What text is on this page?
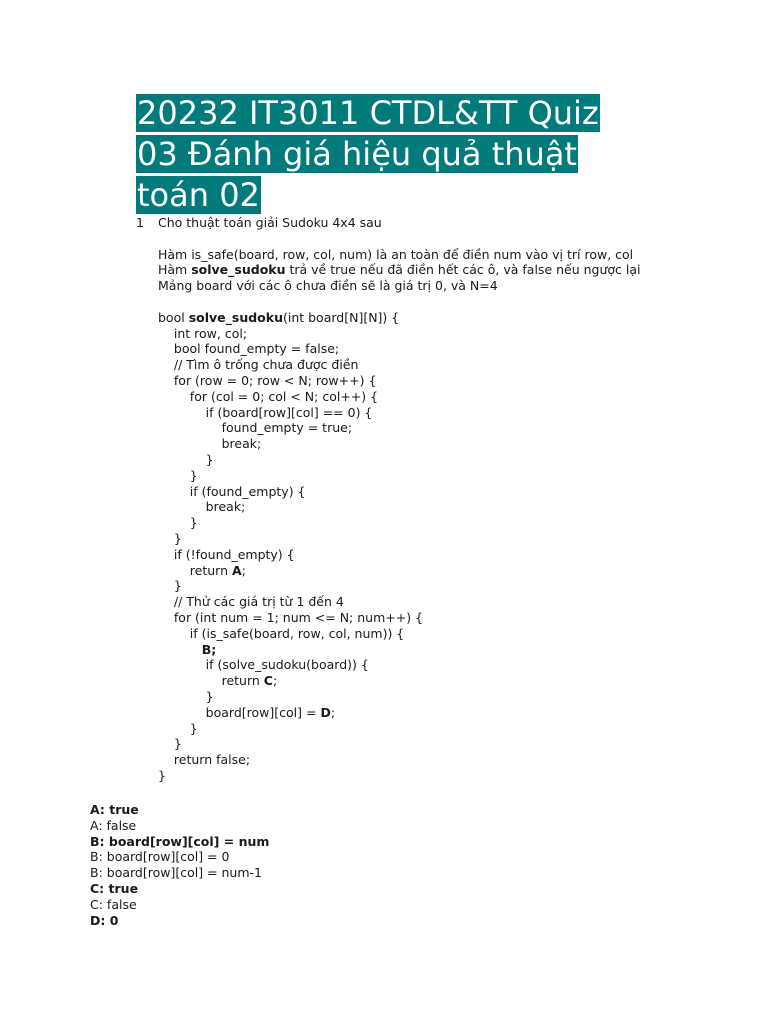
20232 IT3011 CTDL&TT Quiz 03 Đánh giá hiệu quả thuật toán 02
1 Cho thuật toán giải Sudoku 4x4 sau
Hàm is_safe(board, row, col, num) là an toàn để điền num vào vị trí row, col
Hàm solve_sudoku trả về true nếu đã điền hết các ô, và false nếu ngược lại
Mảng board với các ô chưa điền sẽ là giá trị 0, và N=4
bool solve_sudoku(int board[N][N]) {
int row, col;
bool found_empty = false;
// Tìm ô trống chưa được điền
for (row = 0; row < N; row++) {
for (col = 0; col < N; col++) {
if (board[row][col] == 0) {
found_empty = true;
break;
}
}
if (found_empty) {
break;
}
}
if (!found_empty) {
return A;
}
// Thử các giá trị từ 1 đến 4
for (int num = 1; num <= N; num++) {
if (is_safe(board, row, col, num)) {
B;
if (solve_sudoku(board)) {
return C;
}
board[row][col] = D;
}
}
return false;
}
A: true
A: false
B: board[row][col] = num
B: board[row][col] = 0
B: board[row][col] = num-1
C: true
C: false
D: 0
